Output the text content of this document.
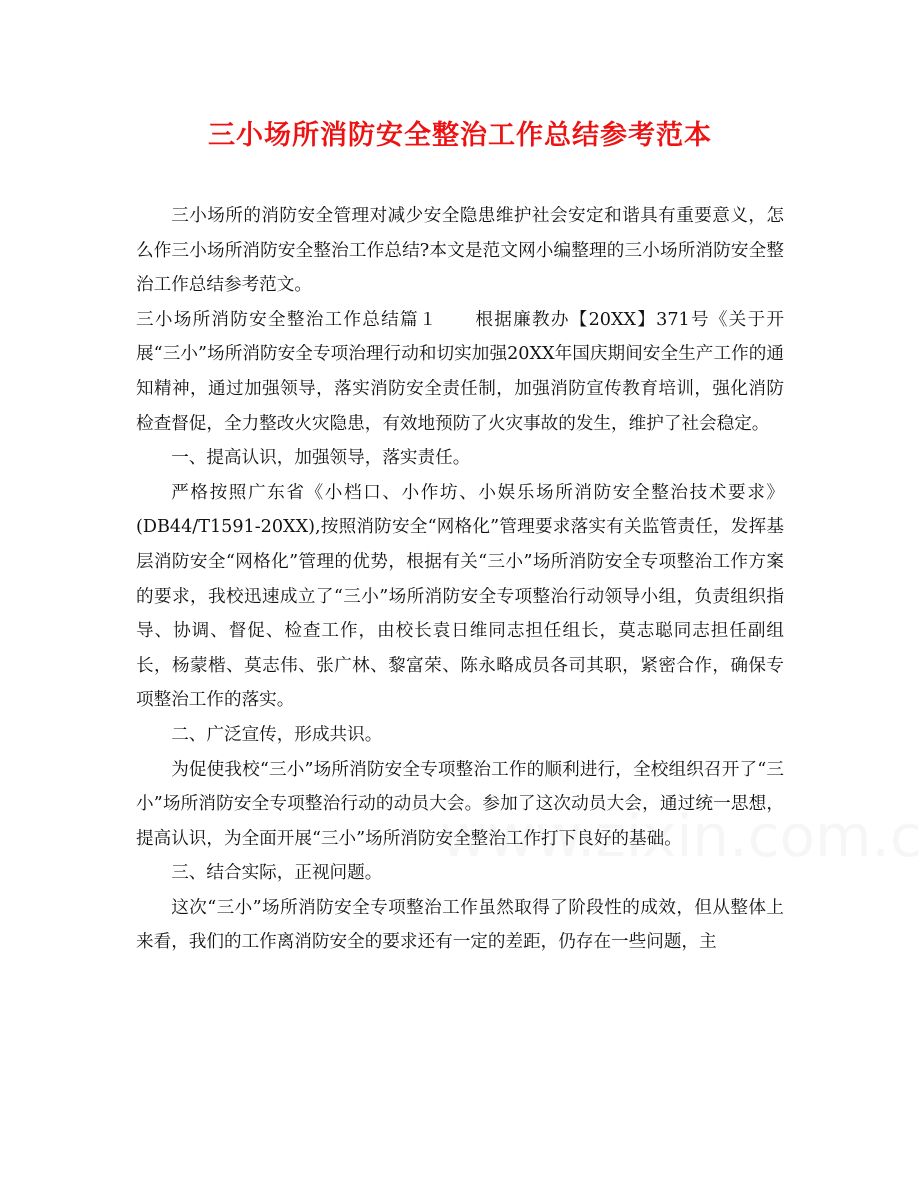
三小场所消防安全整治工作总结参考范本

三小场所的消防安全管理对减少安全隐患维护社会安定和谐具有重要意义，怎么作三小场所消防安全整治工作总结?本文是范文网小编整理的三小场所消防安全整治工作总结参考范文。

三小场所消防安全整治工作总结篇１　　根据廉教办【20XX】371号《关于开展“三小”场所消防安全专项治理行动和切实加强20XX年国庆期间安全生产工作的通知精神，通过加强领导，落实消防安全责任制，加强消防宣传教育培训，强化消防检查督促，全力整改火灾隐患，有效地预防了火灾事故的发生，维护了社会稳定。

一、提高认识，加强领导，落实责任。

严格按照广东省《小档口、小作坊、小娱乐场所消防安全整治技术要求》(DB44/T1591-20XX),按照消防安全“网格化”管理要求落实有关监管责任，发挥基层消防安全“网格化”管理的优势，根据有关“三小”场所消防安全专项整治工作方案的要求，我校迅速成立了“三小”场所消防安全专项整治行动领导小组，负责组织指导、协调、督促、检查工作，由校长袁日维同志担任组长，莫志聪同志担任副组长，杨蒙楷、莫志伟、张广林、黎富荣、陈永略成员各司其职，紧密合作，确保专项整治工作的落实。

二、广泛宣传，形成共识。

为促使我校“三小”场所消防安全专项整治工作的顺利进行，全校组织召开了“三小”场所消防安全专项整治行动的动员大会。参加了这次动员大会，通过统一思想，提高认识，为全面开展“三小”场所消防安全整治工作打下良好的基础。

三、结合实际，正视问题。

这次“三小”场所消防安全专项整治工作虽然取得了阶段性的成效，但从整体上来看，我们的工作离消防安全的要求还有一定的差距，仍存在一些问题，主
